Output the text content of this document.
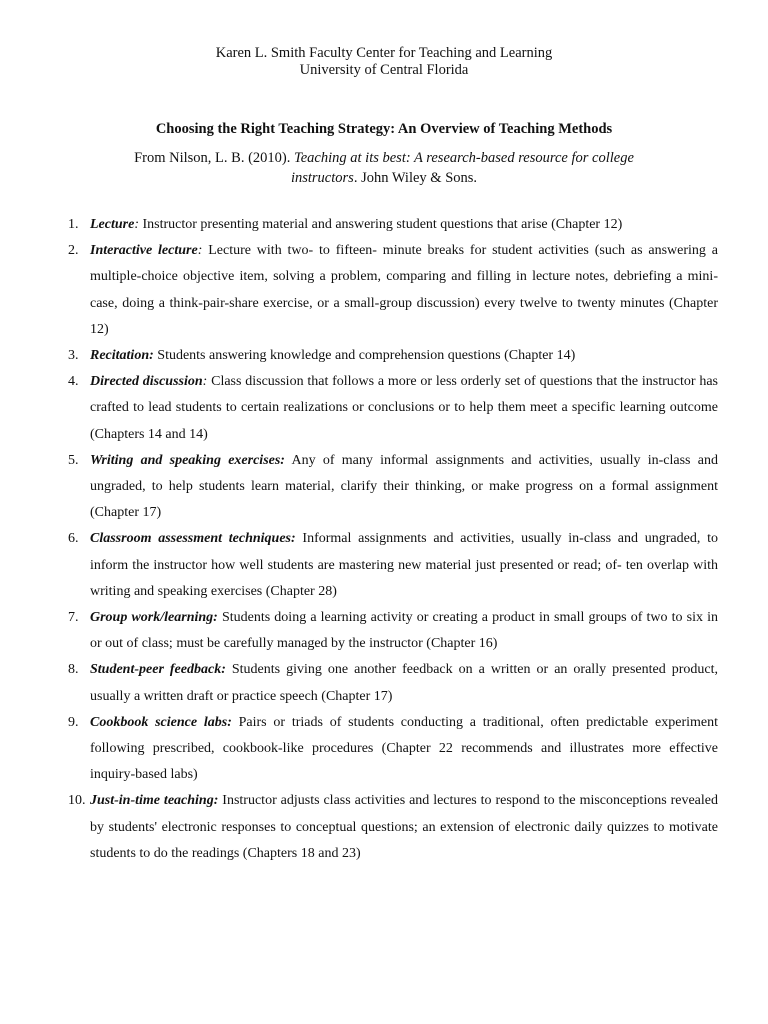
Karen L. Smith Faculty Center for Teaching and Learning
University of Central Florida
Choosing the Right Teaching Strategy: An Overview of Teaching Methods
From Nilson, L. B. (2010). Teaching at its best: A research-based resource for college instructors. John Wiley & Sons.
1. Lecture: Instructor presenting material and answering student questions that arise (Chapter 12)
2. Interactive lecture: Lecture with two- to fifteen- minute breaks for student activities (such as answering a multiple-choice objective item, solving a problem, comparing and filling in lecture notes, debriefing a mini-case, doing a think-pair-share exercise, or a small-group discussion) every twelve to twenty minutes (Chapter 12)
3. Recitation: Students answering knowledge and comprehension questions (Chapter 14)
4. Directed discussion: Class discussion that follows a more or less orderly set of questions that the instructor has crafted to lead students to certain realizations or conclusions or to help them meet a specific learning outcome (Chapters 14 and 14)
5. Writing and speaking exercises: Any of many informal assignments and activities, usually in-class and ungraded, to help students learn material, clarify their thinking, or make progress on a formal assignment (Chapter 17)
6. Classroom assessment techniques: Informal assignments and activities, usually in-class and ungraded, to inform the instructor how well students are mastering new material just presented or read; of- ten overlap with writing and speaking exercises (Chapter 28)
7. Group work/learning: Students doing a learning activity or creating a product in small groups of two to six in or out of class; must be carefully managed by the instructor (Chapter 16)
8. Student-peer feedback: Students giving one another feedback on a written or an orally presented product, usually a written draft or practice speech (Chapter 17)
9. Cookbook science labs: Pairs or triads of students conducting a traditional, often predictable experiment following prescribed, cookbook-like procedures (Chapter 22 recommends and illustrates more effective inquiry-based labs)
10. Just-in-time teaching: Instructor adjusts class activities and lectures to respond to the misconceptions revealed by students' electronic responses to conceptual questions; an extension of electronic daily quizzes to motivate students to do the readings (Chapters 18 and 23)
